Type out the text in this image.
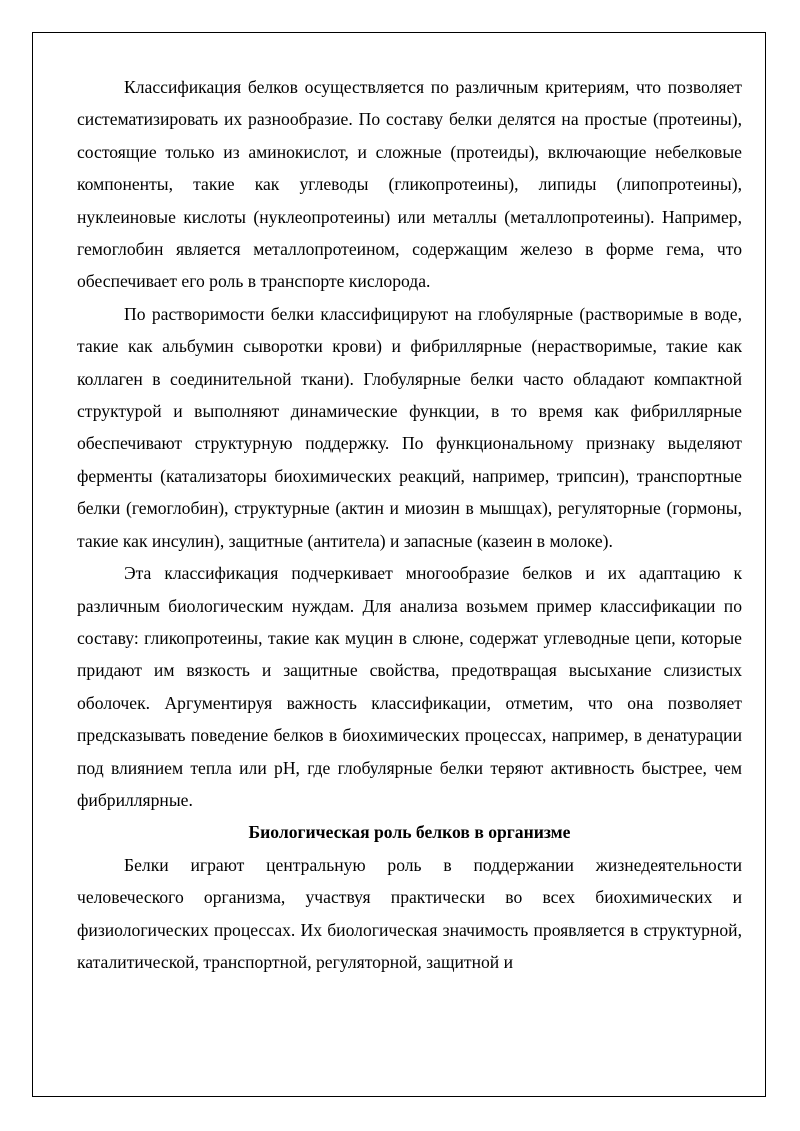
Классификация белков осуществляется по различным критериям, что позволяет систематизировать их разнообразие. По составу белки делятся на простые (протеины), состоящие только из аминокислот, и сложные (протеиды), включающие небелковые компоненты, такие как углеводы (гликопротеины), липиды (липопротеины), нуклеиновые кислоты (нуклеопротеины) или металлы (металлопротеины). Например, гемоглобин является металлопротеином, содержащим железо в форме гема, что обеспечивает его роль в транспорте кислорода.

По растворимости белки классифицируют на глобулярные (растворимые в воде, такие как альбумин сыворотки крови) и фибриллярные (нерастворимые, такие как коллаген в соединительной ткани). Глобулярные белки часто обладают компактной структурой и выполняют динамические функции, в то время как фибриллярные обеспечивают структурную поддержку. По функциональному признаку выделяют ферменты (катализаторы биохимических реакций, например, трипсин), транспортные белки (гемоглобин), структурные (актин и миозин в мышцах), регуляторные (гормоны, такие как инсулин), защитные (антитела) и запасные (казеин в молоке).

Эта классификация подчеркивает многообразие белков и их адаптацию к различным биологическим нуждам. Для анализа возьмем пример классификации по составу: гликопротеины, такие как муцин в слюне, содержат углеводные цепи, которые придают им вязкость и защитные свойства, предотвращая высыхание слизистых оболочек. Аргументируя важность классификации, отметим, что она позволяет предсказывать поведение белков в биохимических процессах, например, в денатурации под влиянием тепла или pH, где глобулярные белки теряют активность быстрее, чем фибриллярные.

Биологическая роль белков в организме

Белки играют центральную роль в поддержании жизнедеятельности человеческого организма, участвуя практически во всех биохимических и физиологических процессах. Их биологическая значимость проявляется в структурной, каталитической, транспортной, регуляторной, защитной и
